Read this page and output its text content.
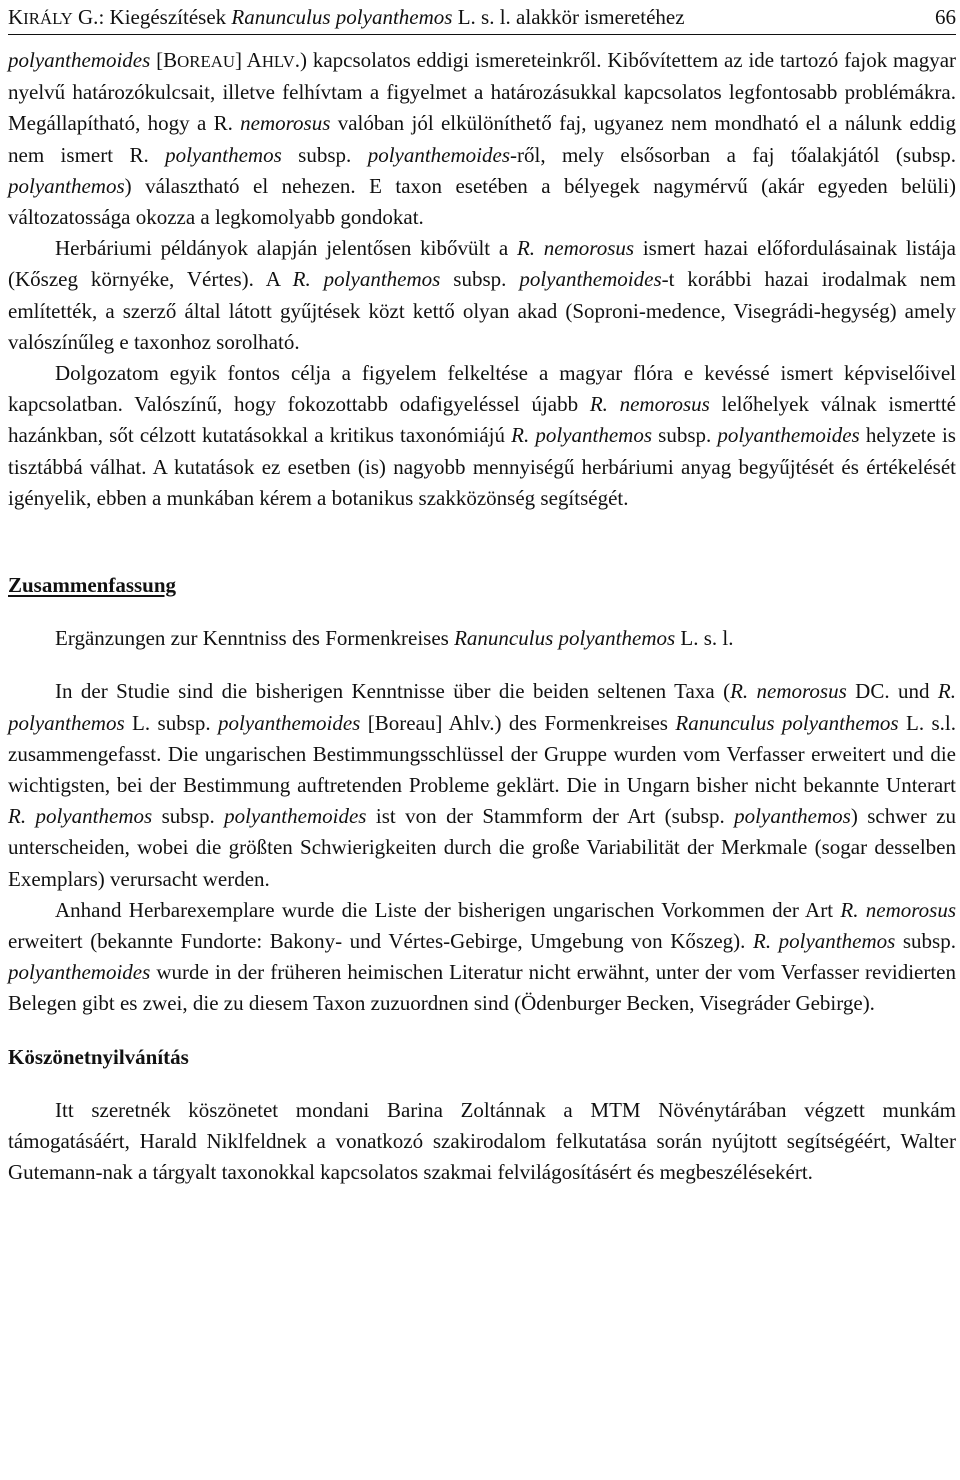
KIRÁLY G.: Kiegészítések Ranunculus polyanthemos L. s. l. alakkör ismeretéhez	66

polyanthemoides [BOREAU] AHLV.) kapcsolatos eddigi ismereteinkről. Kibővítettem az ide tartozó fajok magyar nyelvű határozókulcsait, illetve felhívtam a figyelmet a határozásukkal kapcsolatos legfontosabb problémákra. Megállapítható, hogy a R. nemorosus valóban jól elkülöníthető faj, ugyanez nem mondható el a nálunk eddig nem ismert R. polyanthemos subsp. polyanthemoides-ről, mely elsősorban a faj tőalakjától (subsp. polyanthemos) választható el nehezen. E taxon esetében a bélyegek nagymérvű (akár egyeden belüli) változatossága okozza a legkomolyabb gondokat.

Herbáriumi példányok alapján jelentősen kibővült a R. nemorosus ismert hazai előfordulásainak listája (Kőszeg környéke, Vértes). A R. polyanthemos subsp. polyanthemoides-t korábbi hazai irodalmak nem említették, a szerző által látott gyűjtések közt kettő olyan akad (Soproni-medence, Visegrádi-hegység) amely valószínűleg e taxonhoz sorolható.

Dolgozatom egyik fontos célja a figyelem felkeltése a magyar flóra e kevéssé ismert képviselőivel kapcsolatban. Valószínű, hogy fokozottabb odafigyeléssel újabb R. nemorosus lelőhelyek válnak ismertté hazánkban, sőt célzott kutatásokkal a kritikus taxonómiájú R. polyanthemos subsp. polyanthemoides helyzete is tisztábbá válhat. A kutatások ez esetben (is) nagyobb mennyiségű herbáriumi anyag begyűjtését és értékelését igényelik, ebben a munkában kérem a botanikus szakközönség segítségét.

Zusammenfassung

Ergänzungen zur Kenntniss des Formenkreises Ranunculus polyanthemos L. s. l.

In der Studie sind die bisherigen Kenntnisse über die beiden seltenen Taxa (R. nemorosus DC. und R. polyanthemos L. subsp. polyanthemoides [Boreau] Ahlv.) des Formenkreises Ranunculus polyanthemos L. s.l. zusammengefasst. Die ungarischen Bestimmungsschlüssel der Gruppe wurden vom Verfasser erweitert und die wichtigsten, bei der Bestimmung auftretenden Probleme geklärt. Die in Ungarn bisher nicht bekannte Unterart R. polyanthemos subsp. polyanthemoides ist von der Stammform der Art (subsp. polyanthemos) schwer zu unterscheiden, wobei die größten Schwierigkeiten durch die große Variabilität der Merkmale (sogar desselben Exemplars) verursacht werden.

Anhand Herbarexemplare wurde die Liste der bisherigen ungarischen Vorkommen der Art R. nemorosus erweitert (bekannte Fundorte: Bakony- und Vértes-Gebirge, Umgebung von Kőszeg). R. polyanthemos subsp. polyanthemoides wurde in der früheren heimischen Literatur nicht erwähnt, unter der vom Verfasser revidierten Belegen gibt es zwei, die zu diesem Taxon zuzuordnen sind (Ödenburger Becken, Visegráder Gebirge).

Köszönetnyilvánítás

Itt szeretnék köszönetet mondani Barina Zoltánnak a MTM Növénytárában végzett munkám támogatásáért, Harald Niklfeldnek a vonatkozó szakirodalom felkutatása során nyújtott segítségéért, Walter Gutemann-nak a tárgyalt taxonokkal kapcsolatos szakmai felvilágosításért és megbeszélésekért.
